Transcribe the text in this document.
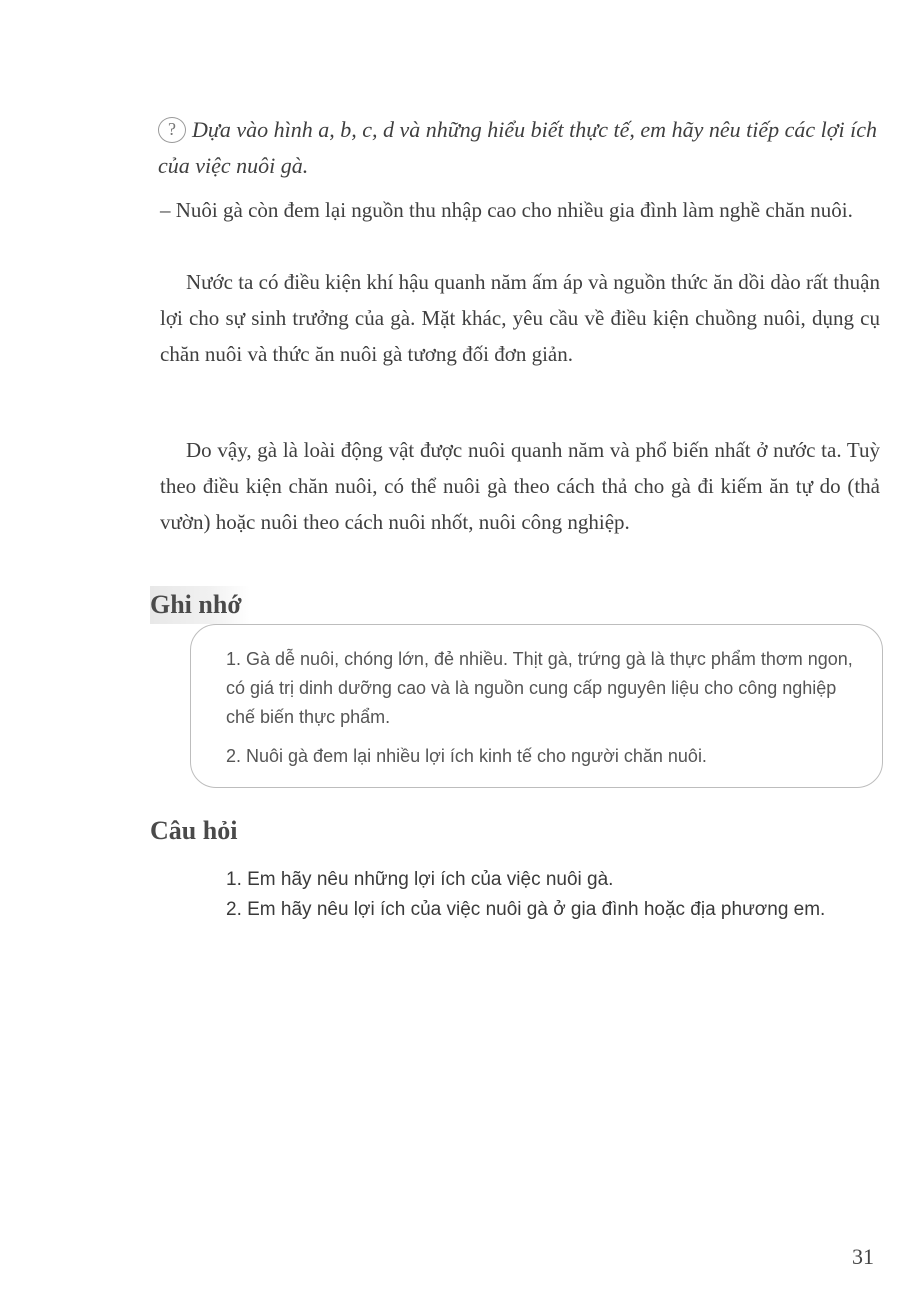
? Dựa vào hình a, b, c, d và những hiểu biết thực tế, em hãy nêu tiếp các lợi ích của việc nuôi gà.
– Nuôi gà còn đem lại nguồn thu nhập cao cho nhiều gia đình làm nghề chăn nuôi.
Nước ta có điều kiện khí hậu quanh năm ấm áp và nguồn thức ăn dồi dào rất thuận lợi cho sự sinh trưởng của gà. Mặt khác, yêu cầu về điều kiện chuồng nuôi, dụng cụ chăn nuôi và thức ăn nuôi gà tương đối đơn giản.
Do vậy, gà là loài động vật được nuôi quanh năm và phổ biến nhất ở nước ta. Tuỳ theo điều kiện chăn nuôi, có thể nuôi gà theo cách thả cho gà đi kiếm ăn tự do (thả vườn) hoặc nuôi theo cách nuôi nhốt, nuôi công nghiệp.
Ghi nhớ
1. Gà dễ nuôi, chóng lớn, đẻ nhiều. Thịt gà, trứng gà là thực phẩm thơm ngon, có giá trị dinh dưỡng cao và là nguồn cung cấp nguyên liệu cho công nghiệp chế biến thực phẩm.
2. Nuôi gà đem lại nhiều lợi ích kinh tế cho người chăn nuôi.
Câu hỏi
1. Em hãy nêu những lợi ích của việc nuôi gà.
2. Em hãy nêu lợi ích của việc nuôi gà ở gia đình hoặc địa phương em.
31
